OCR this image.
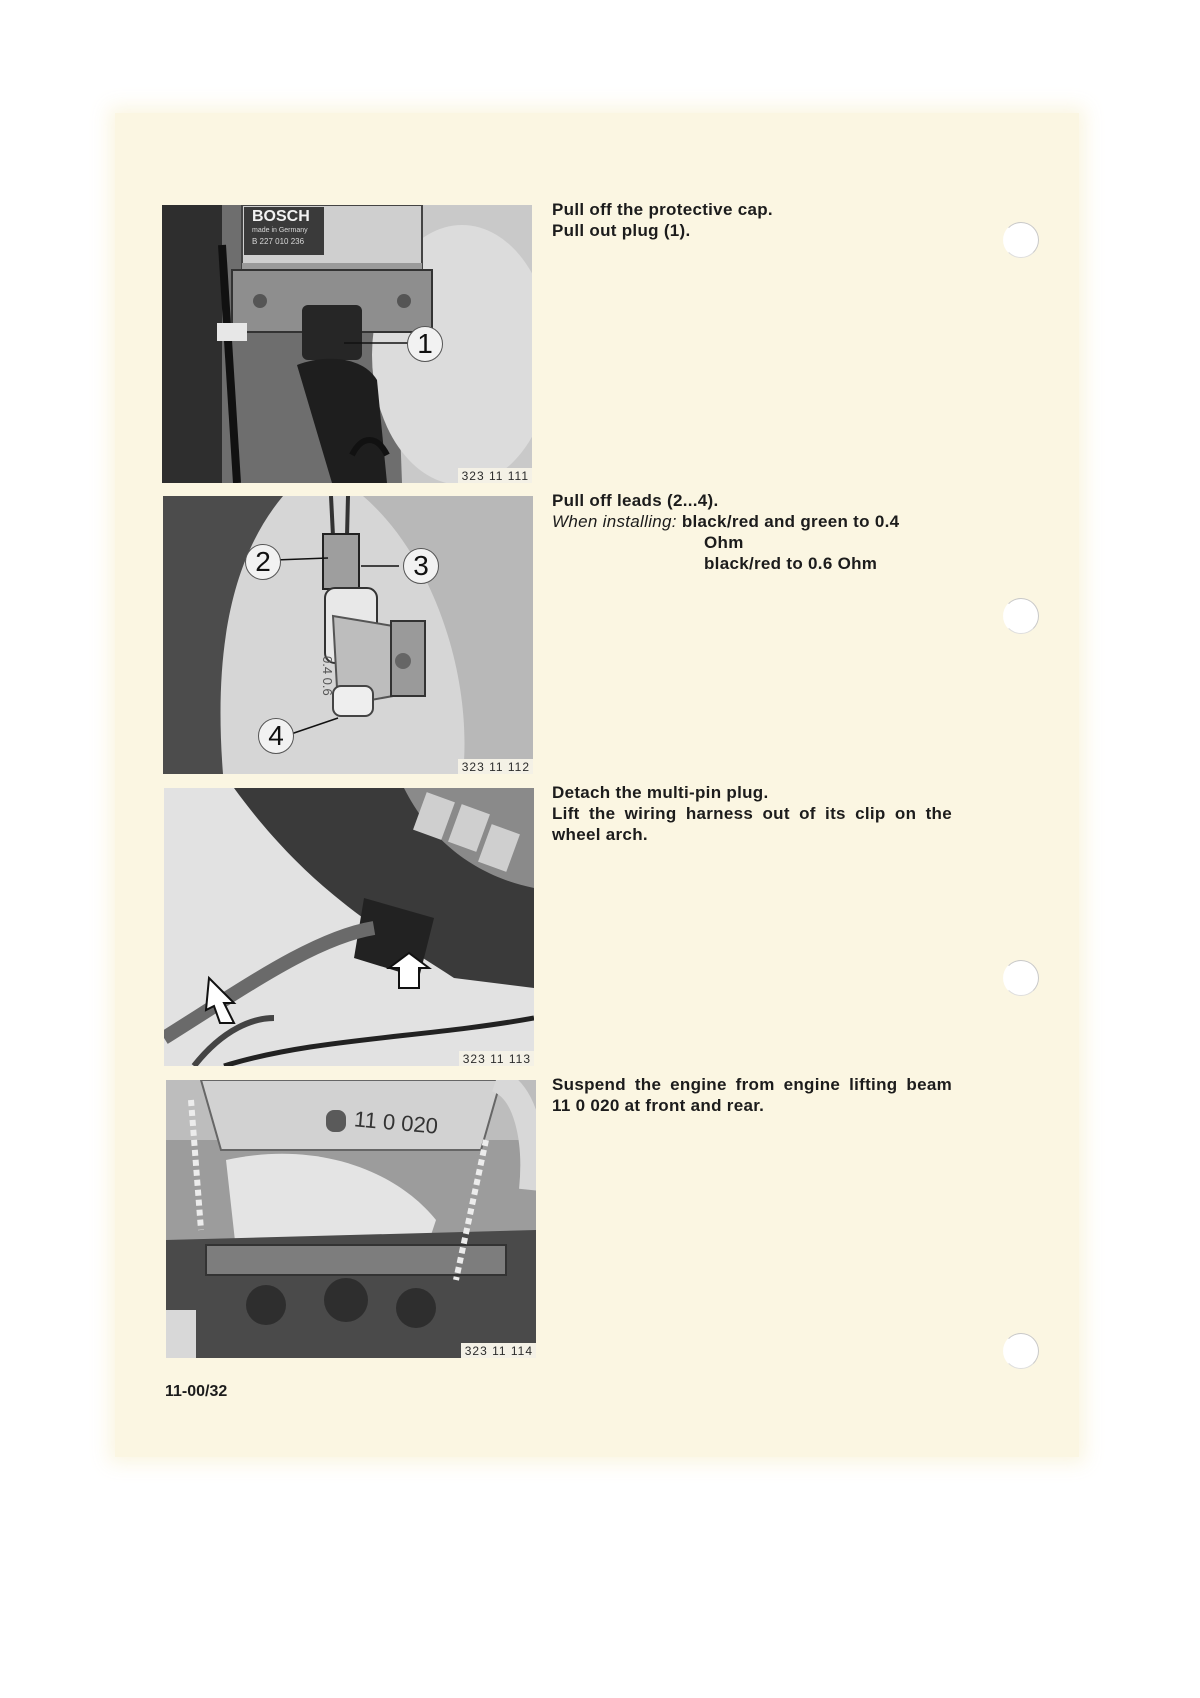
BOSCH
made in Germany
B 227 010 236
1
323 11 111

Pull off the protective cap.

Pull out plug (1).

0.4 0.6
2	3
4
323 11 112

Pull off leads (2...4).

When installing: black/red and green to 0.4

Ohm

black/red to 0.6 Ohm

323 11 113

Detach the multi-pin plug.

Lift the wiring harness out of its clip on the wheel arch.

11 0 020
323 11 114

Suspend the engine from engine lifting beam 11 0 020 at front and rear.

11-00/32
